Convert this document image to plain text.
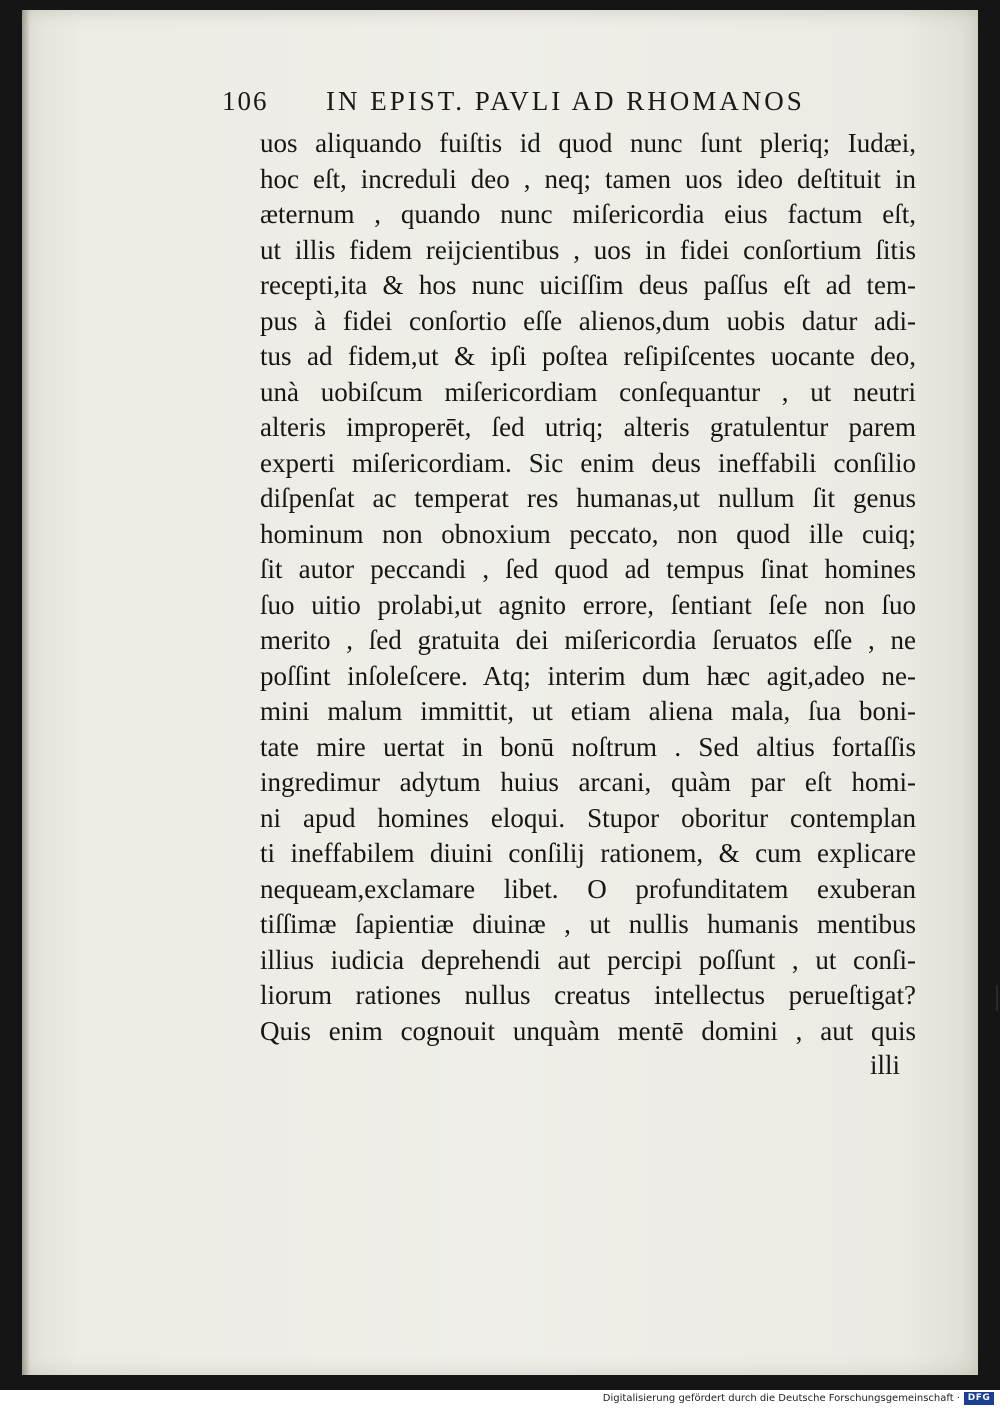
106 IN EPIST. PAVLI AD RHOMANOS
uos aliquando fuiſtis id quod nunc ſunt pleriq; Iudæi,
hoc eſt, increduli deo , neq; tamen uos ideo deſtituit in
æternum , quando nunc miſericordia eius factum eſt,
ut illis fidem reijcientibus , uos in fidei conſortium ſitis
recepti,ita & hos nunc uiciſſim deus paſſus eſt ad tem-
pus à fidei conſortio eſſe alienos,dum uobis datur adi-
tus ad fidem,ut & ipſi poſtea reſipiſcentes uocante deo,
unà uobiſcum miſericordiam conſequantur , ut neutri
alteris improperēt, ſed utriq; alteris gratulentur parem
experti miſericordiam. Sic enim deus ineffabili conſilio
diſpenſat ac temperat res humanas,ut nullum ſit genus
hominum non obnoxium peccato, non quod ille cuiq;
ſit autor peccandi , ſed quod ad tempus ſinat homines
ſuo uitio prolabi,ut agnito errore, ſentiant ſeſe non ſuo
merito , ſed gratuita dei miſericordia ſeruatos eſſe , ne
poſſint inſoleſcere. Atq; interim dum hæc agit,adeo ne-
mini malum immittit, ut etiam aliena mala, ſua boni-
tate mire uertat in bonū noſtrum . Sed altius fortaſſis
ingredimur adytum huius arcani, quàm par eſt homi-
ni apud homines eloqui. Stupor oboritur contemplan
ti ineffabilem diuini conſilij rationem, & cum explicare
nequeam,exclamare libet. O profunditatem exuberan
tiſſimæ ſapientiæ diuinæ , ut nullis humanis mentibus
illius iudicia deprehendi aut percipi poſſunt , ut conſi-
liorum rationes nullus creatus intellectus perueſtigat?
Quis enim cognouit unquàm mentē domini , aut quis
illi
Digitalisierung gefördert durch die Deutsche Forschungsgemeinschaft · DFG
